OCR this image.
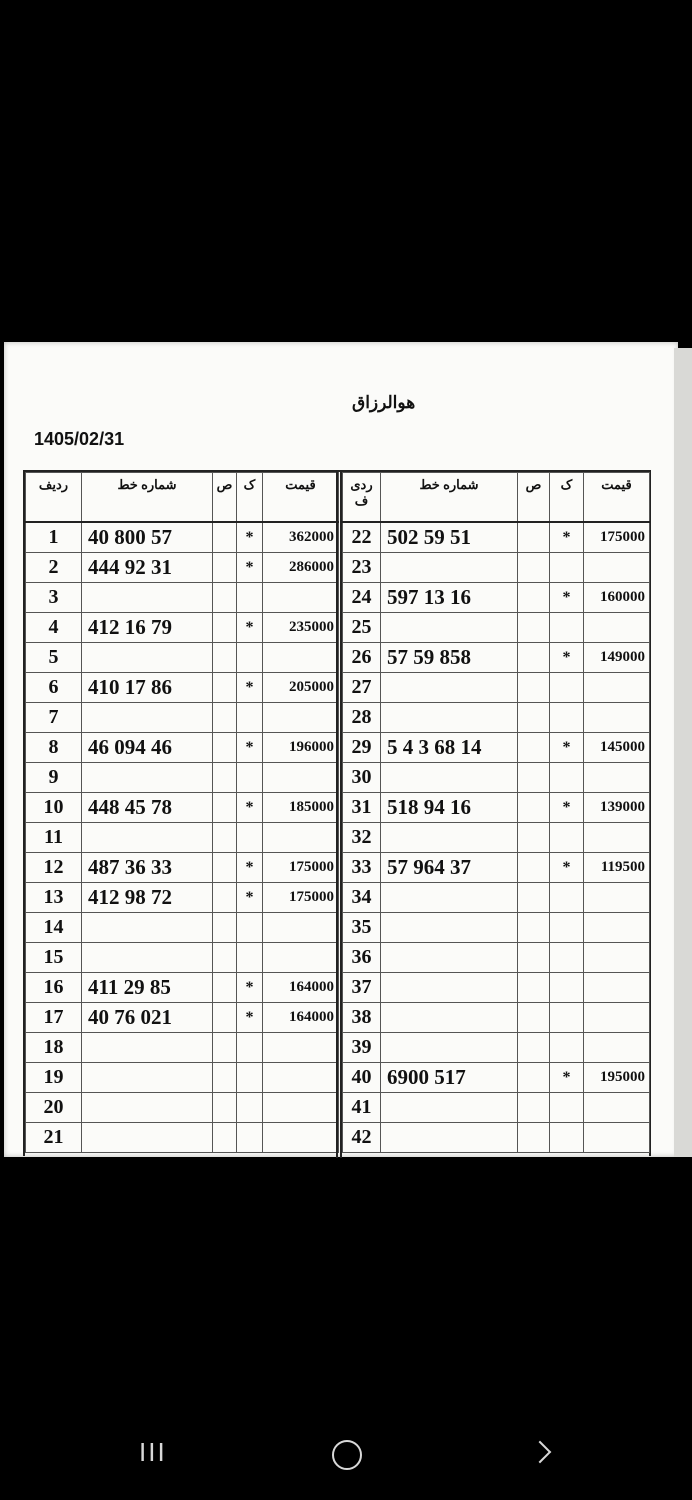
هوالرزاق
1405/02/31
ردیف	شماره خط	ص	ک	قیمت
1	40 800 57		*	362000
2	444 92 31		*	286000
3				
4	412 16 79		*	235000
5				
6	410 17 86		*	205000
7				
8	46 094 46		*	196000
9				
10	448 45 78		*	185000
11				
12	487 36 33		*	175000
13	412 98 72		*	175000
14				
15				
16	411 29 85		*	164000
17	40 76 021		*	164000
18				
19				
20				
21				
ردی ف	شماره خط	ص	ک	قیمت
22	502 59 51		*	175000
23				
24	597 13 16		*	160000
25				
26	57 59 858		*	149000
27				
28				
29	5 4 3 68 14		*	145000
30				
31	518 94 16		*	139000
32				
33	57 964 37		*	119500
34				
35				
36				
37				
38				
39				
40	6900 517		*	195000
41				
42				
III
